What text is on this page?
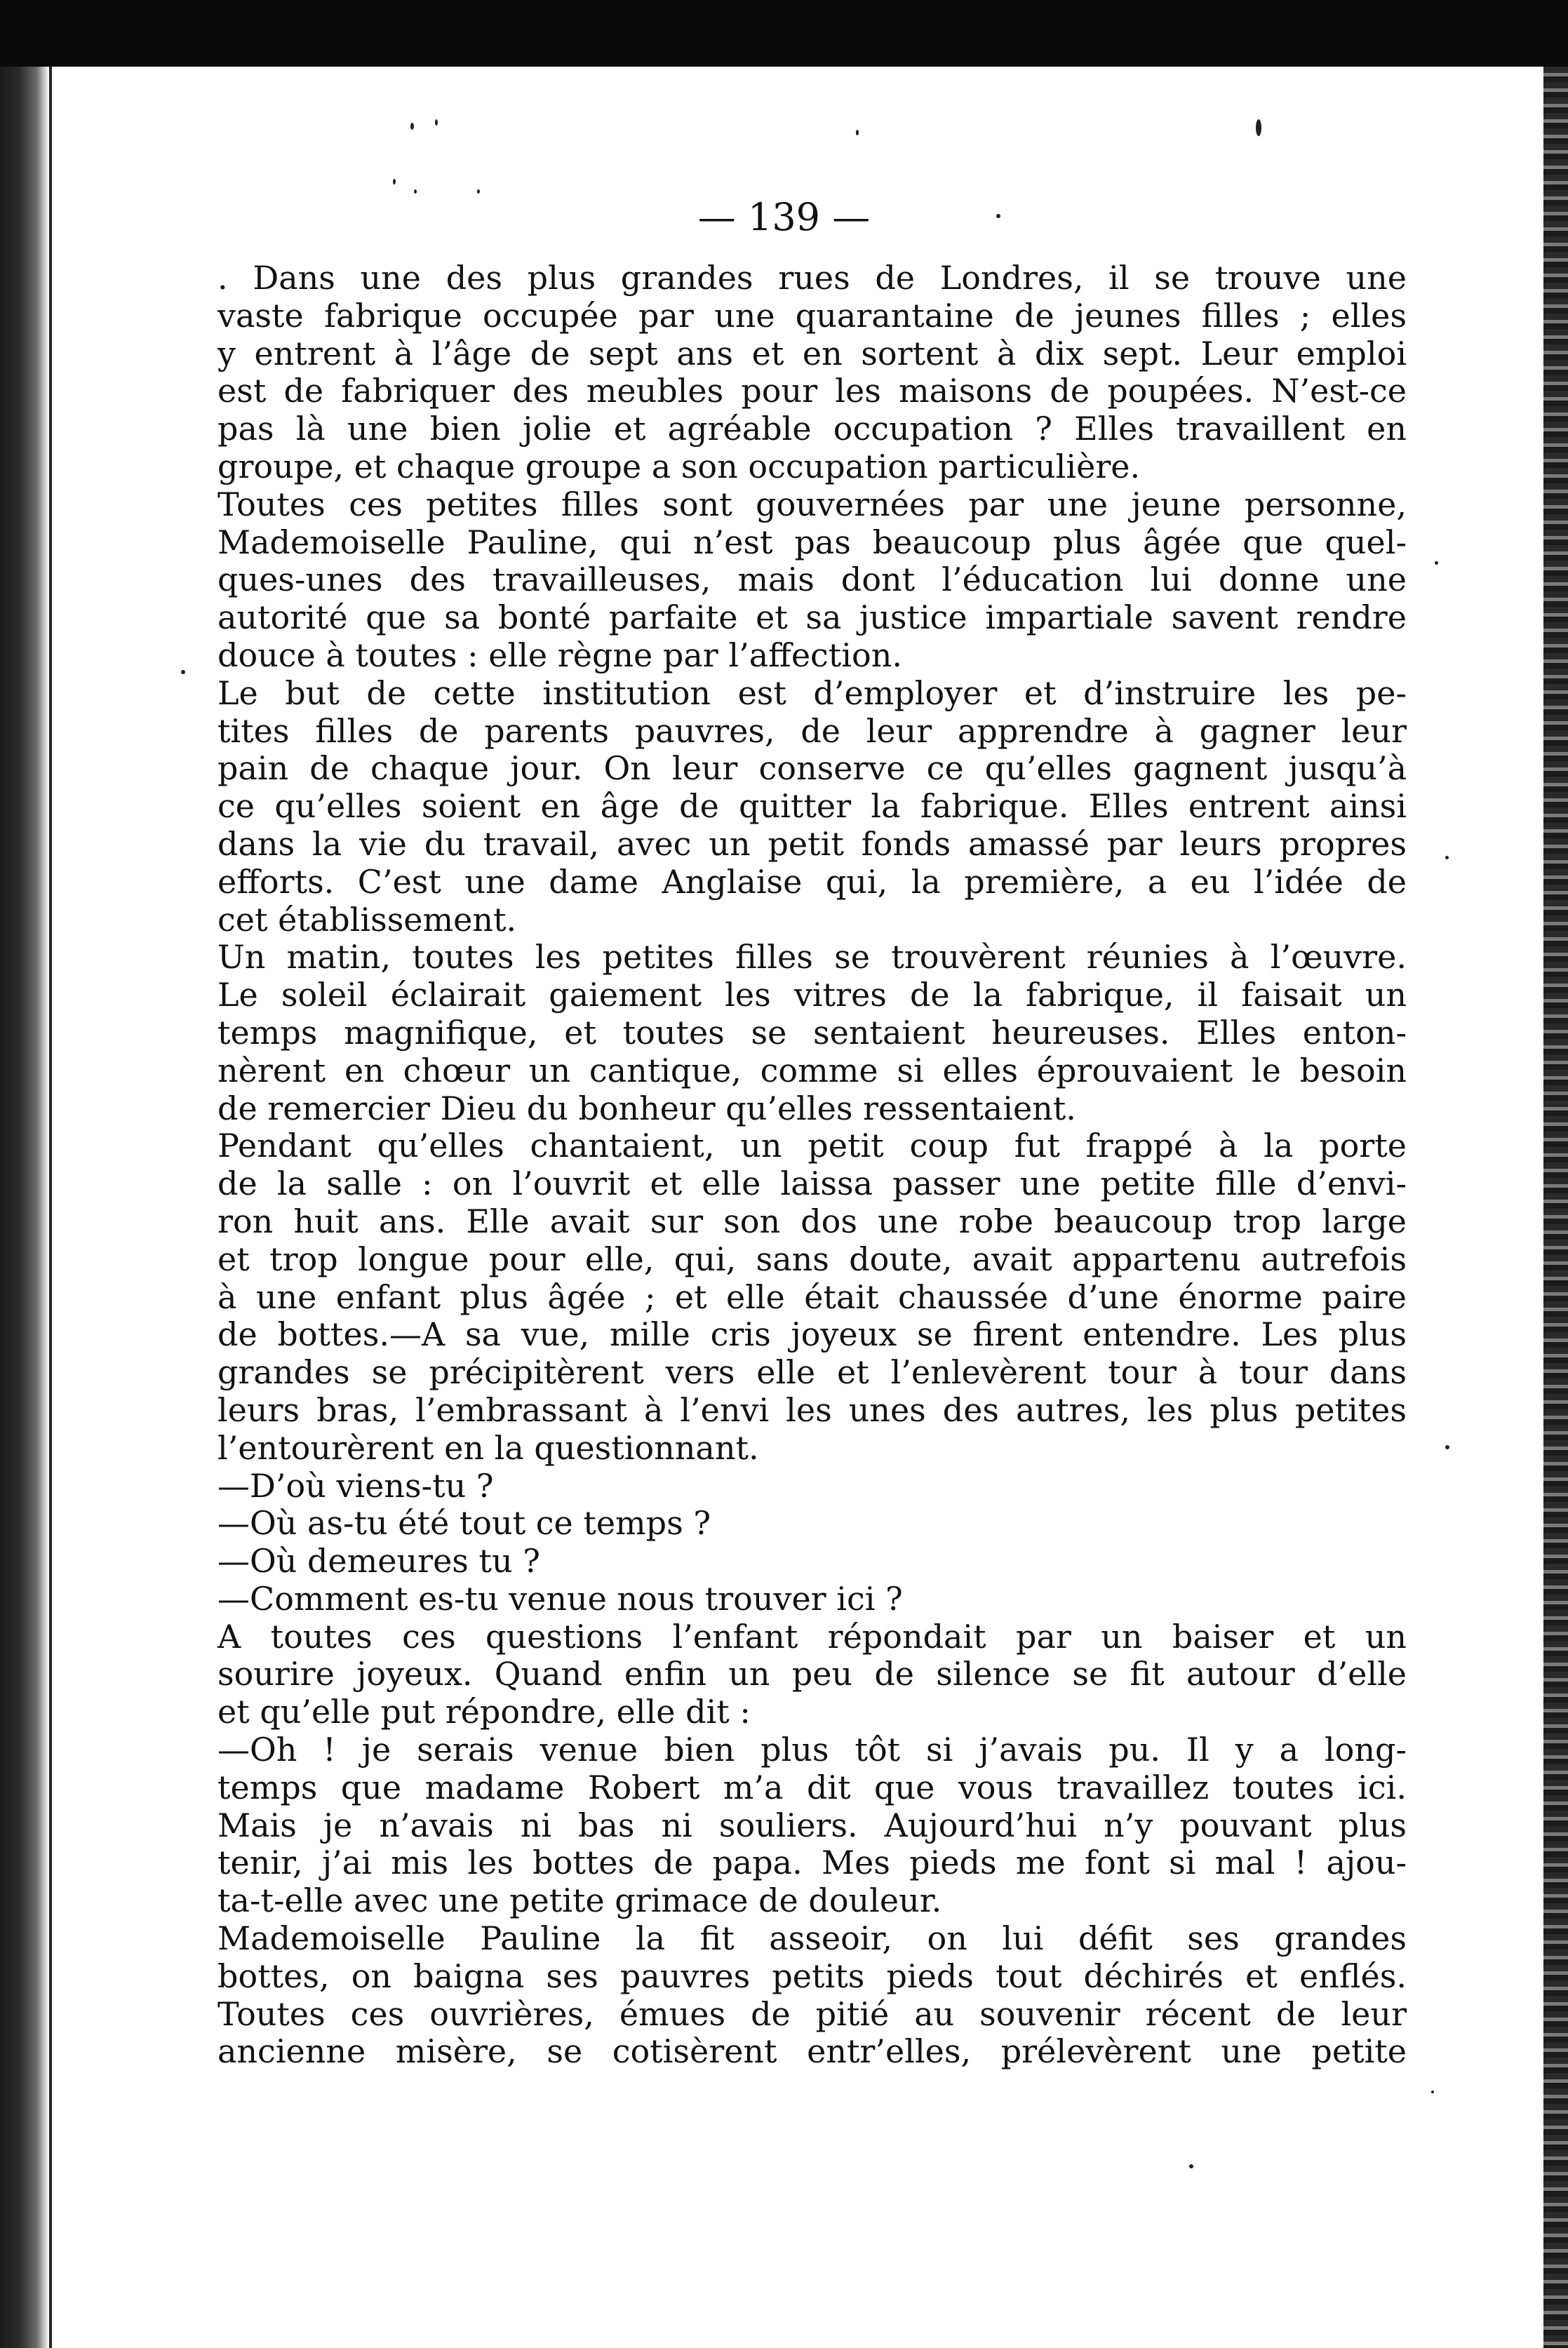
— 139 —
. Dans une des plus grandes rues de Londres, il se trouve une
vaste fabrique occupée par une quarantaine de jeunes filles ; elles
y entrent à l’âge de sept ans et en sortent à dix sept. Leur emploi
est de fabriquer des meubles pour les maisons de poupées. N’est-ce
pas là une bien jolie et agréable occupation ? Elles travaillent en
groupe, et chaque groupe a son occupation particulière.
Toutes ces petites filles sont gouvernées par une jeune personne,
Mademoiselle Pauline, qui n’est pas beaucoup plus âgée que quel-
ques-unes des travailleuses, mais dont l’éducation lui donne une
autorité que sa bonté parfaite et sa justice impartiale savent rendre
douce à toutes : elle règne par l’affection.
Le but de cette institution est d’employer et d’instruire les pe-
tites filles de parents pauvres, de leur apprendre à gagner leur
pain de chaque jour. On leur conserve ce qu’elles gagnent jusqu’à
ce qu’elles soient en âge de quitter la fabrique. Elles entrent ainsi
dans la vie du travail, avec un petit fonds amassé par leurs propres
efforts. C’est une dame Anglaise qui, la première, a eu l’idée de
cet établissement.
Un matin, toutes les petites filles se trouvèrent réunies à l’œuvre.
Le soleil éclairait gaiement les vitres de la fabrique, il faisait un
temps magnifique, et toutes se sentaient heureuses. Elles enton-
nèrent en chœur un cantique, comme si elles éprouvaient le besoin
de remercier Dieu du bonheur qu’elles ressentaient.
Pendant qu’elles chantaient, un petit coup fut frappé à la porte
de la salle : on l’ouvrit et elle laissa passer une petite fille d’envi-
ron huit ans. Elle avait sur son dos une robe beaucoup trop large
et trop longue pour elle, qui, sans doute, avait appartenu autrefois
à une enfant plus âgée ; et elle était chaussée d’une énorme paire
de bottes.—A sa vue, mille cris joyeux se firent entendre. Les plus
grandes se précipitèrent vers elle et l’enlevèrent tour à tour dans
leurs bras, l’embrassant à l’envi les unes des autres, les plus petites
l’entourèrent en la questionnant.
—D’où viens-tu ?
—Où as-tu été tout ce temps ?
—Où demeures tu ?
—Comment es-tu venue nous trouver ici ?
A toutes ces questions l’enfant répondait par un baiser et un
sourire joyeux. Quand enfin un peu de silence se fit autour d’elle
et qu’elle put répondre, elle dit :
—Oh ! je serais venue bien plus tôt si j’avais pu. Il y a long-
temps que madame Robert m’a dit que vous travaillez toutes ici.
Mais je n’avais ni bas ni souliers. Aujourd’hui n’y pouvant plus
tenir, j’ai mis les bottes de papa. Mes pieds me font si mal ! ajou-
ta-t-elle avec une petite grimace de douleur.
Mademoiselle Pauline la fit asseoir, on lui défit ses grandes
bottes, on baigna ses pauvres petits pieds tout déchirés et enflés.
Toutes ces ouvrières, émues de pitié au souvenir récent de leur
ancienne misère, se cotisèrent entr’elles, prélevèrent une petite
